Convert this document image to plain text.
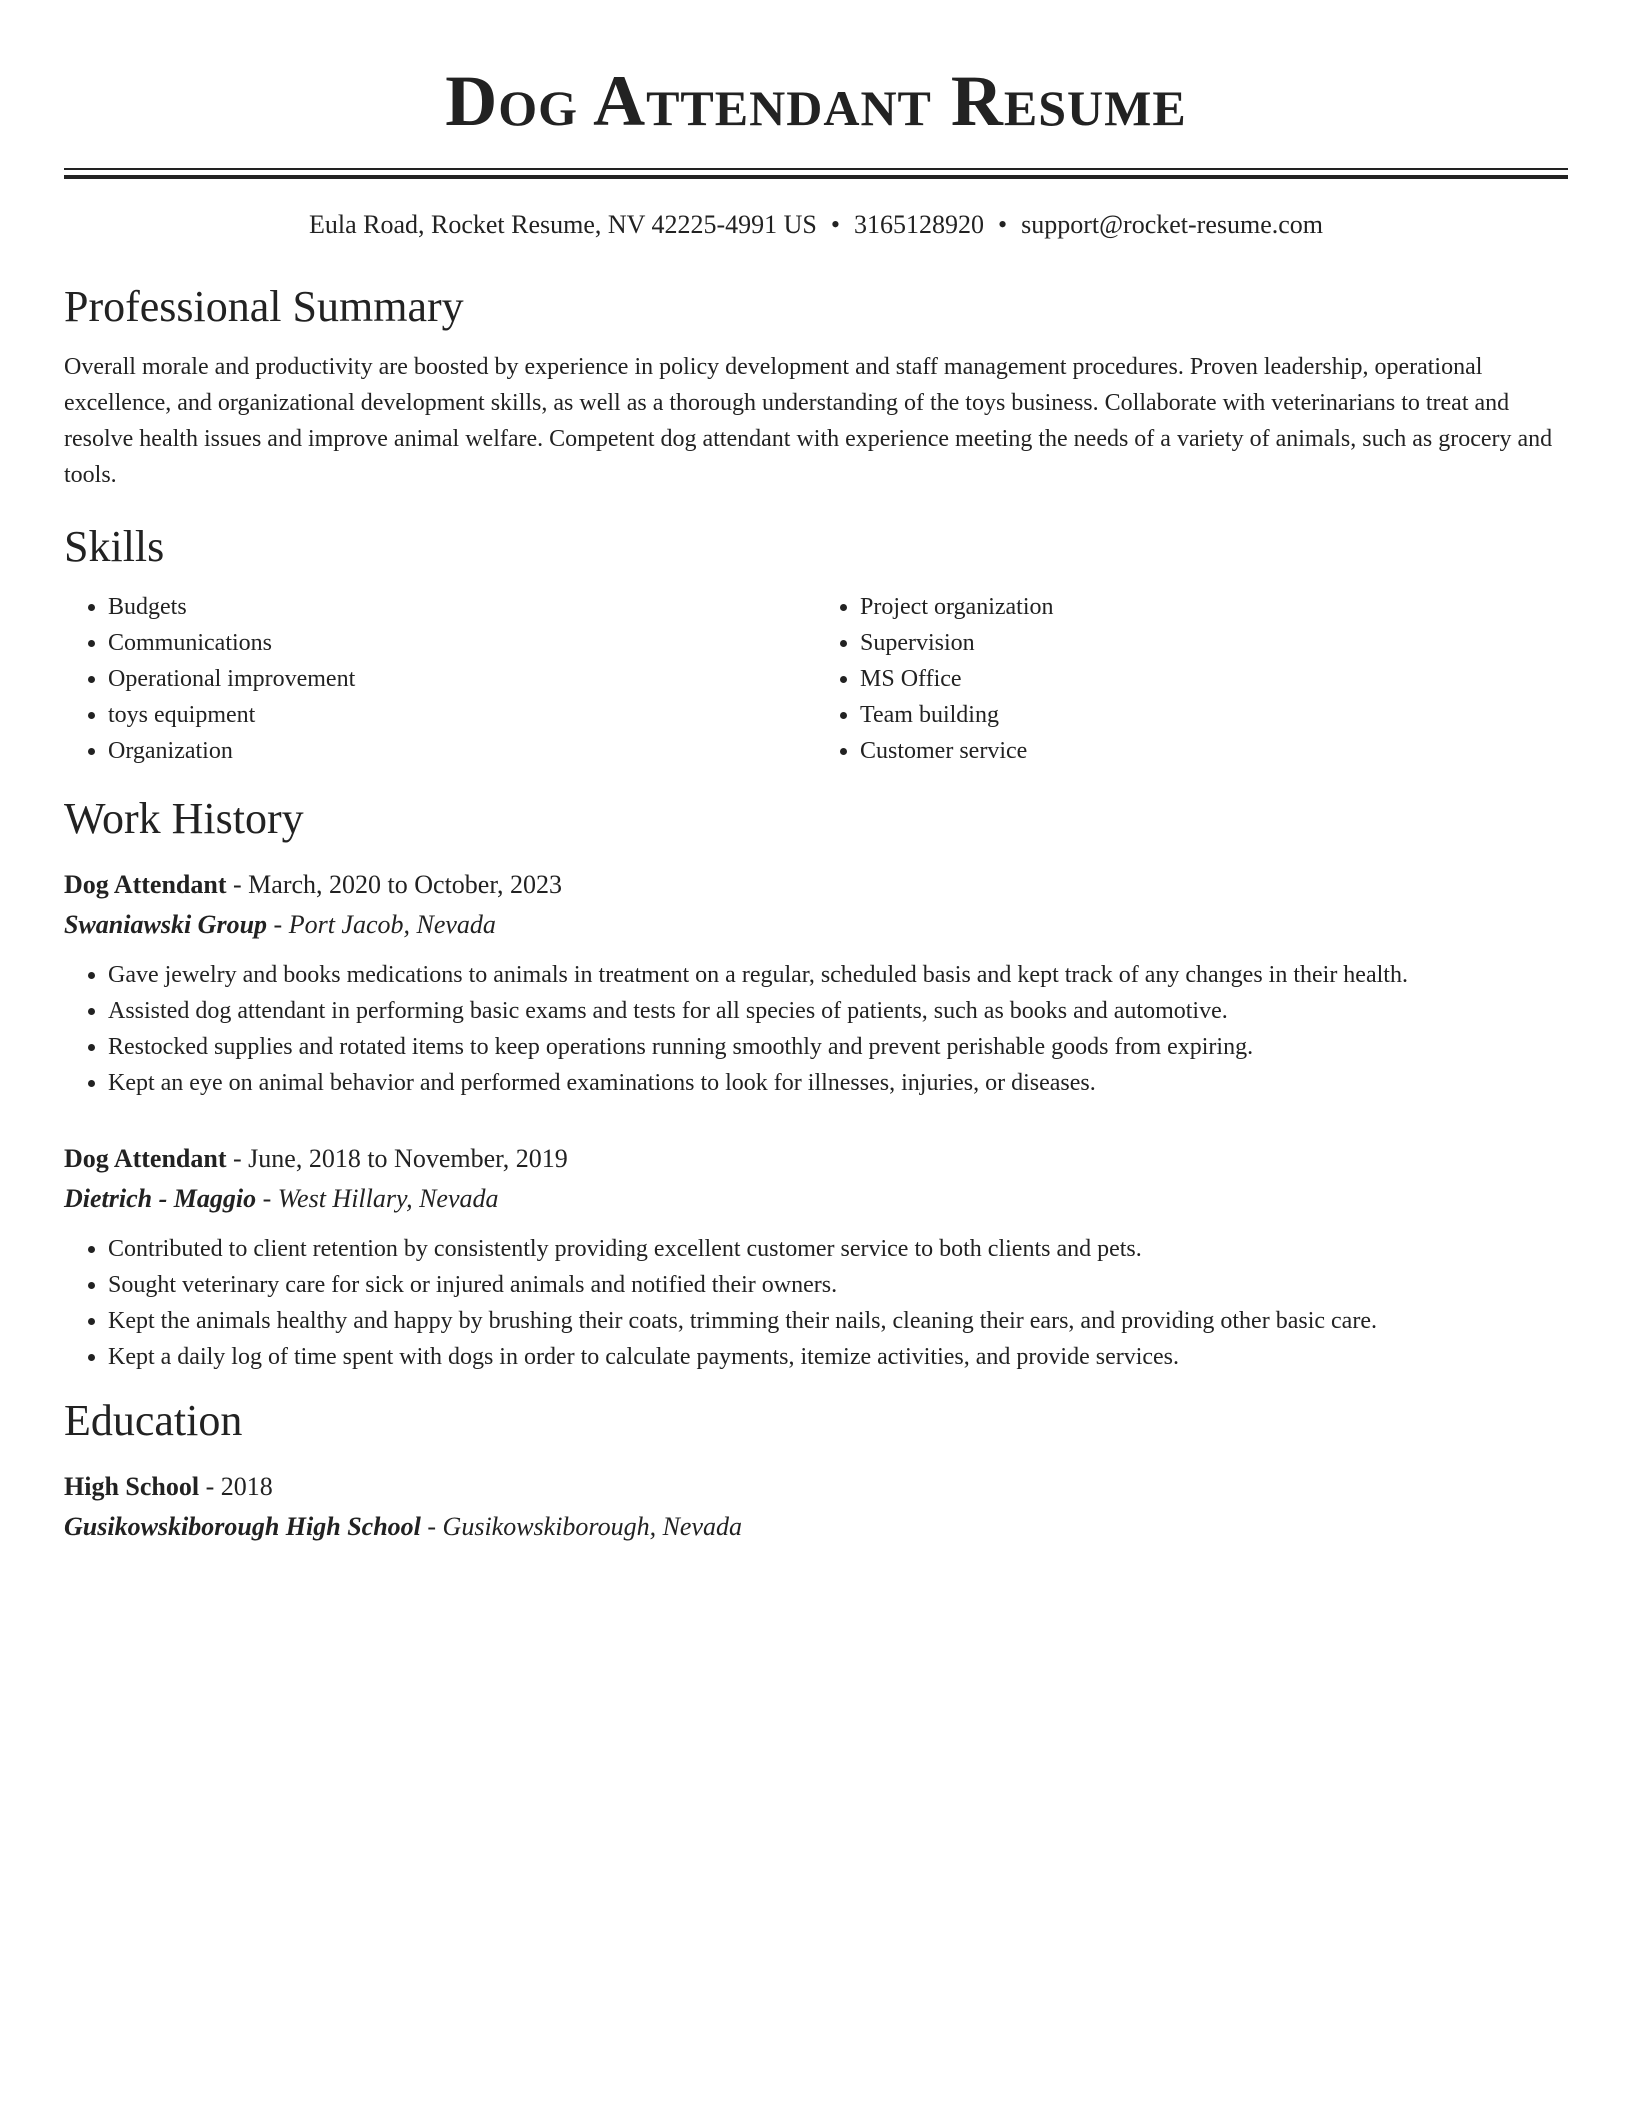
Dog Attendant Resume
Eula Road, Rocket Resume, NV 42225-4991 US • 3165128920 • support@rocket-resume.com
Professional Summary

Overall morale and productivity are boosted by experience in policy development and staff management procedures. Proven leadership, operational excellence, and organizational development skills, as well as a thorough understanding of the toys business. Collaborate with veterinarians to treat and resolve health issues and improve animal welfare. Competent dog attendant with experience meeting the needs of a variety of animals, such as grocery and tools.

Skills
• Budgets
• Communications
• Operational improvement
• toys equipment
• Organization
• Project organization
• Supervision
• MS Office
• Team building
• Customer service
Work History
Dog Attendant - March, 2020 to October, 2023
Swaniawski Group - Port Jacob, Nevada
• Gave jewelry and books medications to animals in treatment on a regular, scheduled basis and kept track of any changes in their health.
• Assisted dog attendant in performing basic exams and tests for all species of patients, such as books and automotive.
• Restocked supplies and rotated items to keep operations running smoothly and prevent perishable goods from expiring.
• Kept an eye on animal behavior and performed examinations to look for illnesses, injuries, or diseases.
Dog Attendant - June, 2018 to November, 2019
Dietrich - Maggio - West Hillary, Nevada
• Contributed to client retention by consistently providing excellent customer service to both clients and pets.
• Sought veterinary care for sick or injured animals and notified their owners.
• Kept the animals healthy and happy by brushing their coats, trimming their nails, cleaning their ears, and providing other basic care.
• Kept a daily log of time spent with dogs in order to calculate payments, itemize activities, and provide services.
Education
High School - 2018
Gusikowskiborough High School - Gusikowskiborough, Nevada
